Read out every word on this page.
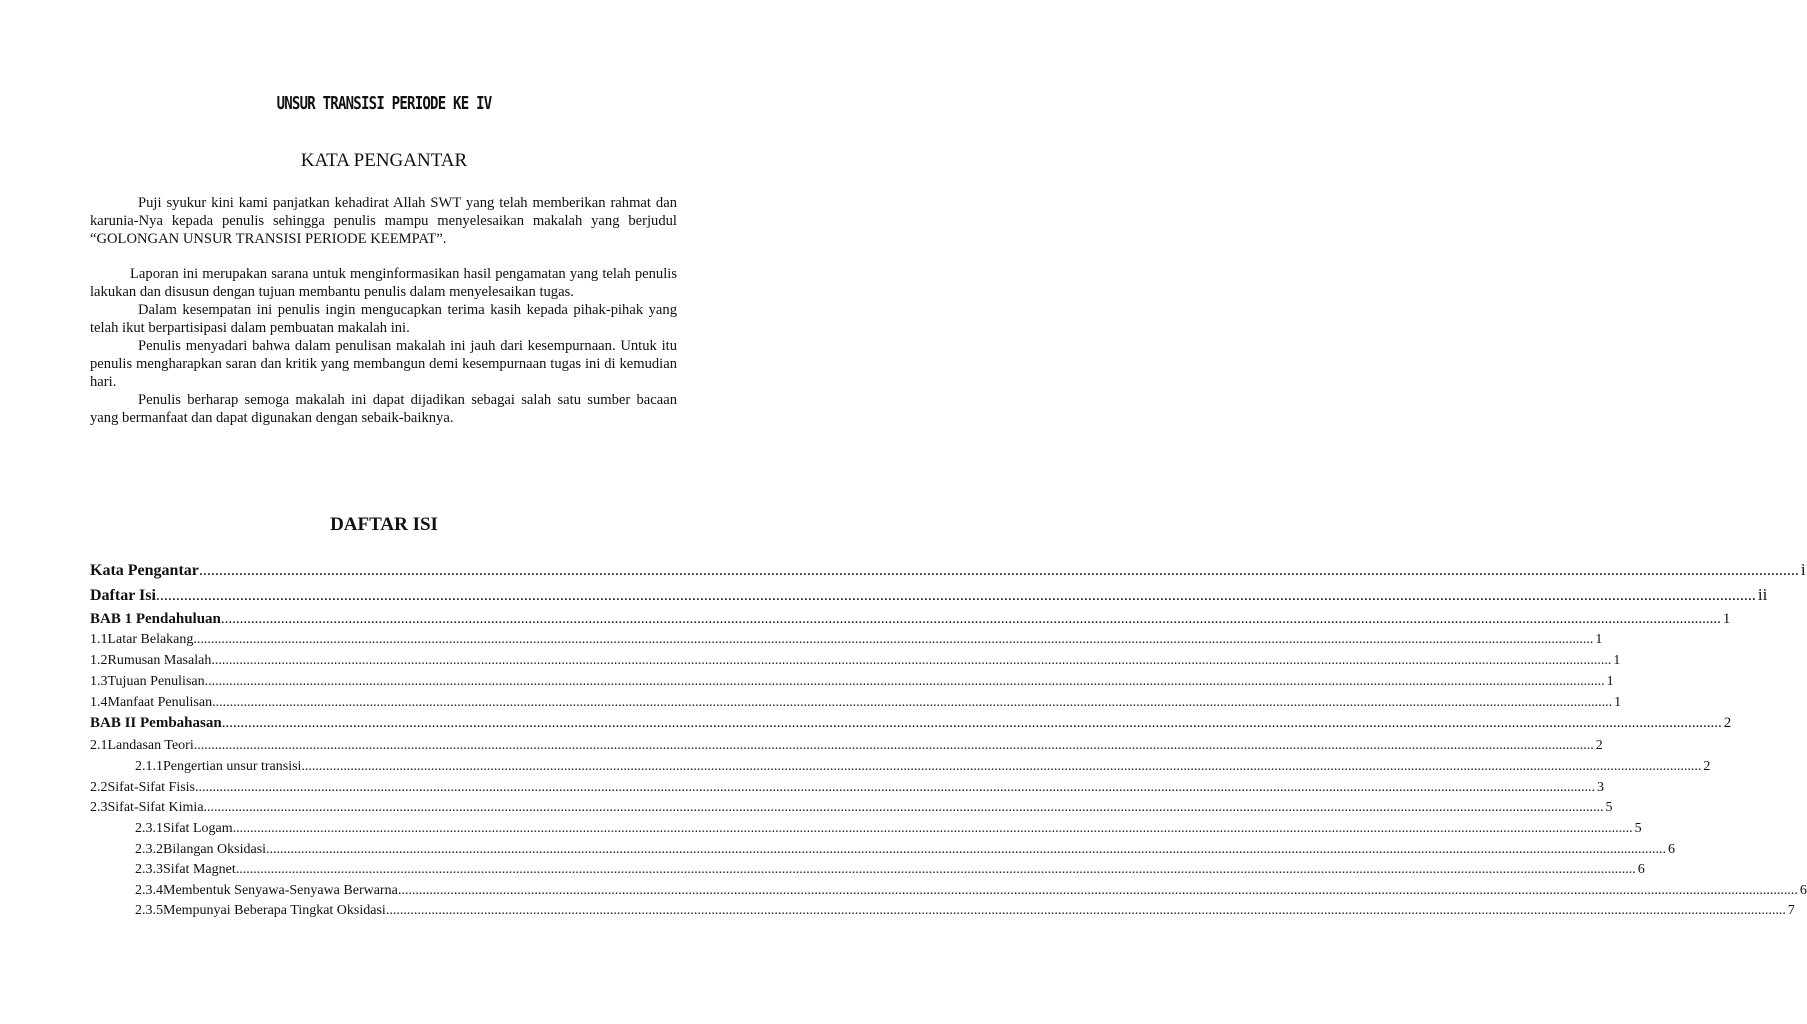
UNSUR TRANSISI PERIODE KE IV
KATA PENGANTAR
Puji syukur kini kami panjatkan kehadirat Allah SWT yang telah memberikan rahmat dan karunia-Nya kepada penulis sehingga penulis mampu menyelesaikan makalah yang berjudul “GOLONGAN UNSUR TRANSISI PERIODE KEEMPAT”.
Laporan ini merupakan sarana untuk menginformasikan hasil pengamatan yang telah penulis lakukan dan disusun dengan tujuan membantu penulis dalam menyelesaikan tugas.
Dalam kesempatan ini penulis ingin mengucapkan terima kasih kepada pihak-pihak yang telah ikut berpartisipasi dalam pembuatan makalah ini.
Penulis menyadari bahwa dalam penulisan makalah ini jauh dari kesempurnaan. Untuk itu penulis mengharapkan saran dan kritik yang membangun demi kesempurnaan tugas ini di kemudian hari.
Penulis berharap semoga makalah ini dapat dijadikan sebagai salah satu sumber bacaan yang bermanfaat dan dapat digunakan dengan sebaik-baiknya.
DAFTAR ISI
Kata Pengantar ................................................................................................................................................................................................................................................................................................................................................................................................................ i
Daftar Isi ................................................................................................................................................................................................................................................................................................................................................................................................................ ii
BAB 1 Pendahuluan ................................................................................................................................................................................................................................................................................................................................................................................................................ 1
1.1 Latar Belakang ................................................................................................................................................................................................................................................................................................................................................................................................................ 1
1.2 Rumusan Masalah ................................................................................................................................................................................................................................................................................................................................................................................................................ 1
1.3 Tujuan Penulisan ................................................................................................................................................................................................................................................................................................................................................................................................................ 1
1.4 Manfaat Penulisan ................................................................................................................................................................................................................................................................................................................................................................................................................ 1
BAB II Pembahasan ................................................................................................................................................................................................................................................................................................................................................................................................................ 2
2.1 Landasan Teori ................................................................................................................................................................................................................................................................................................................................................................................................................ 2
2.1.1 Pengertian unsur transisi ................................................................................................................................................................................................................................................................................................................................................................................................................ 2
2.2 Sifat-Sifat Fisis ................................................................................................................................................................................................................................................................................................................................................................................................................ 3
2.3 Sifat-Sifat Kimia ................................................................................................................................................................................................................................................................................................................................................................................................................ 5
2.3.1 Sifat Logam ................................................................................................................................................................................................................................................................................................................................................................................................................ 5
2.3.2 Bilangan Oksidasi ................................................................................................................................................................................................................................................................................................................................................................................................................ 6
2.3.3 Sifat Magnet ................................................................................................................................................................................................................................................................................................................................................................................................................ 6
2.3.4 Membentuk Senyawa-Senyawa Berwarna ................................................................................................................................................................................................................................................................................................................................................................................................................ 6
2.3.5 Mempunyai Beberapa Tingkat Oksidasi ................................................................................................................................................................................................................................................................................................................................................................................................................ 7
